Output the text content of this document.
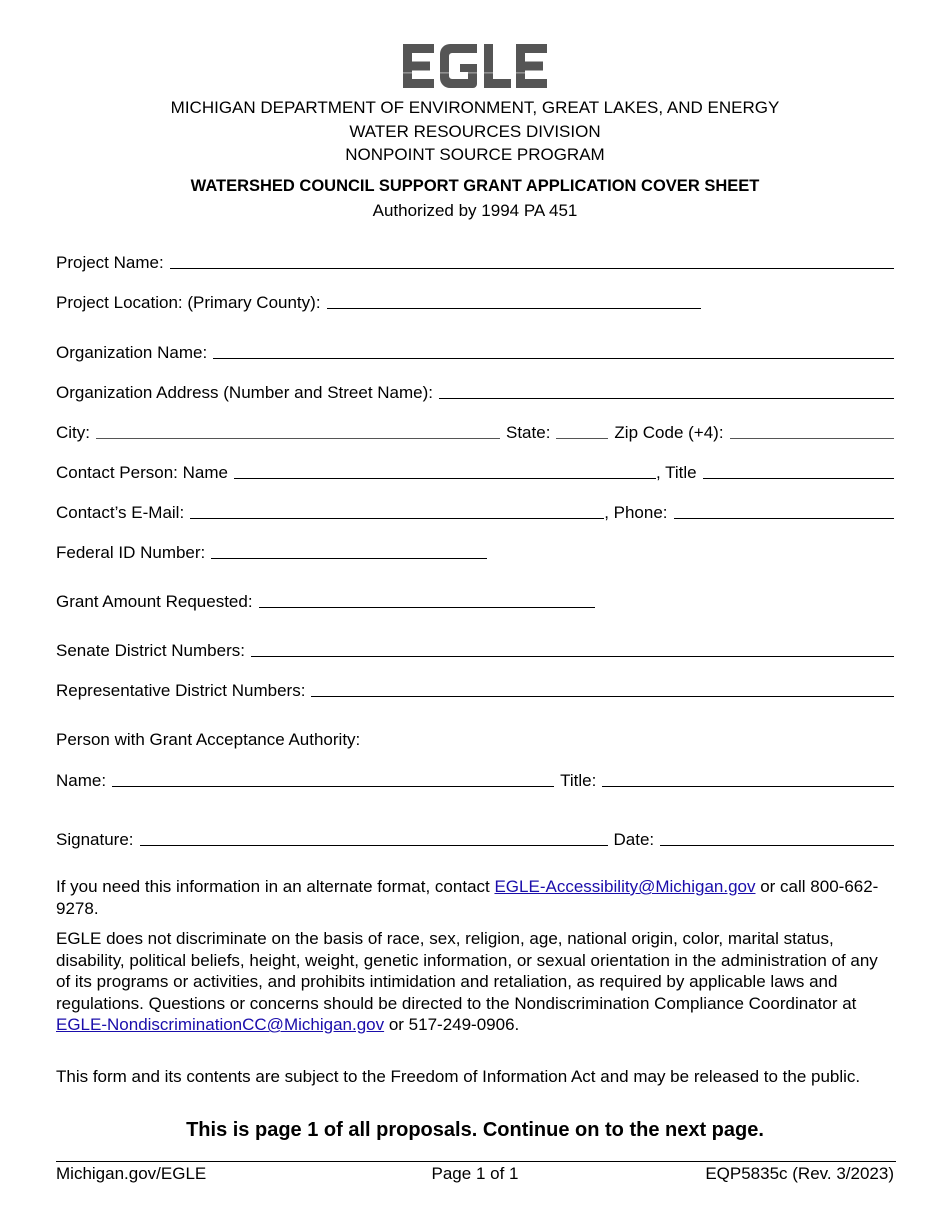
MICHIGAN DEPARTMENT OF ENVIRONMENT, GREAT LAKES, AND ENERGY
WATER RESOURCES DIVISION
NONPOINT SOURCE PROGRAM
WATERSHED COUNCIL SUPPORT GRANT APPLICATION COVER SHEET
Authorized by 1994 PA 451
Project Name:
Project Location: (Primary County):
Organization Name:
Organization Address (Number and Street Name):
City:	State:	Zip Code (+4):
Contact Person: Name	, Title
Contact’s E-Mail:	, Phone:
Federal ID Number:
Grant Amount Requested:
Senate District Numbers:
Representative District Numbers:
Person with Grant Acceptance Authority:
Name:	Title:
Signature:	Date:
If you need this information in an alternate format, contact EGLE-Accessibility@Michigan.gov or call 800-662-9278.
EGLE does not discriminate on the basis of race, sex, religion, age, national origin, color, marital status, disability, political beliefs, height, weight, genetic information, or sexual orientation in the administration of any of its programs or activities, and prohibits intimidation and retaliation, as required by applicable laws and regulations. Questions or concerns should be directed to the Nondiscrimination Compliance Coordinator at EGLE-NondiscriminationCC@Michigan.gov or 517-249-0906.
This form and its contents are subject to the Freedom of Information Act and may be released to the public.
This is page 1 of all proposals. Continue on to the next page.
Michigan.gov/EGLE	Page 1 of 1	EQP5835c (Rev. 3/2023)
